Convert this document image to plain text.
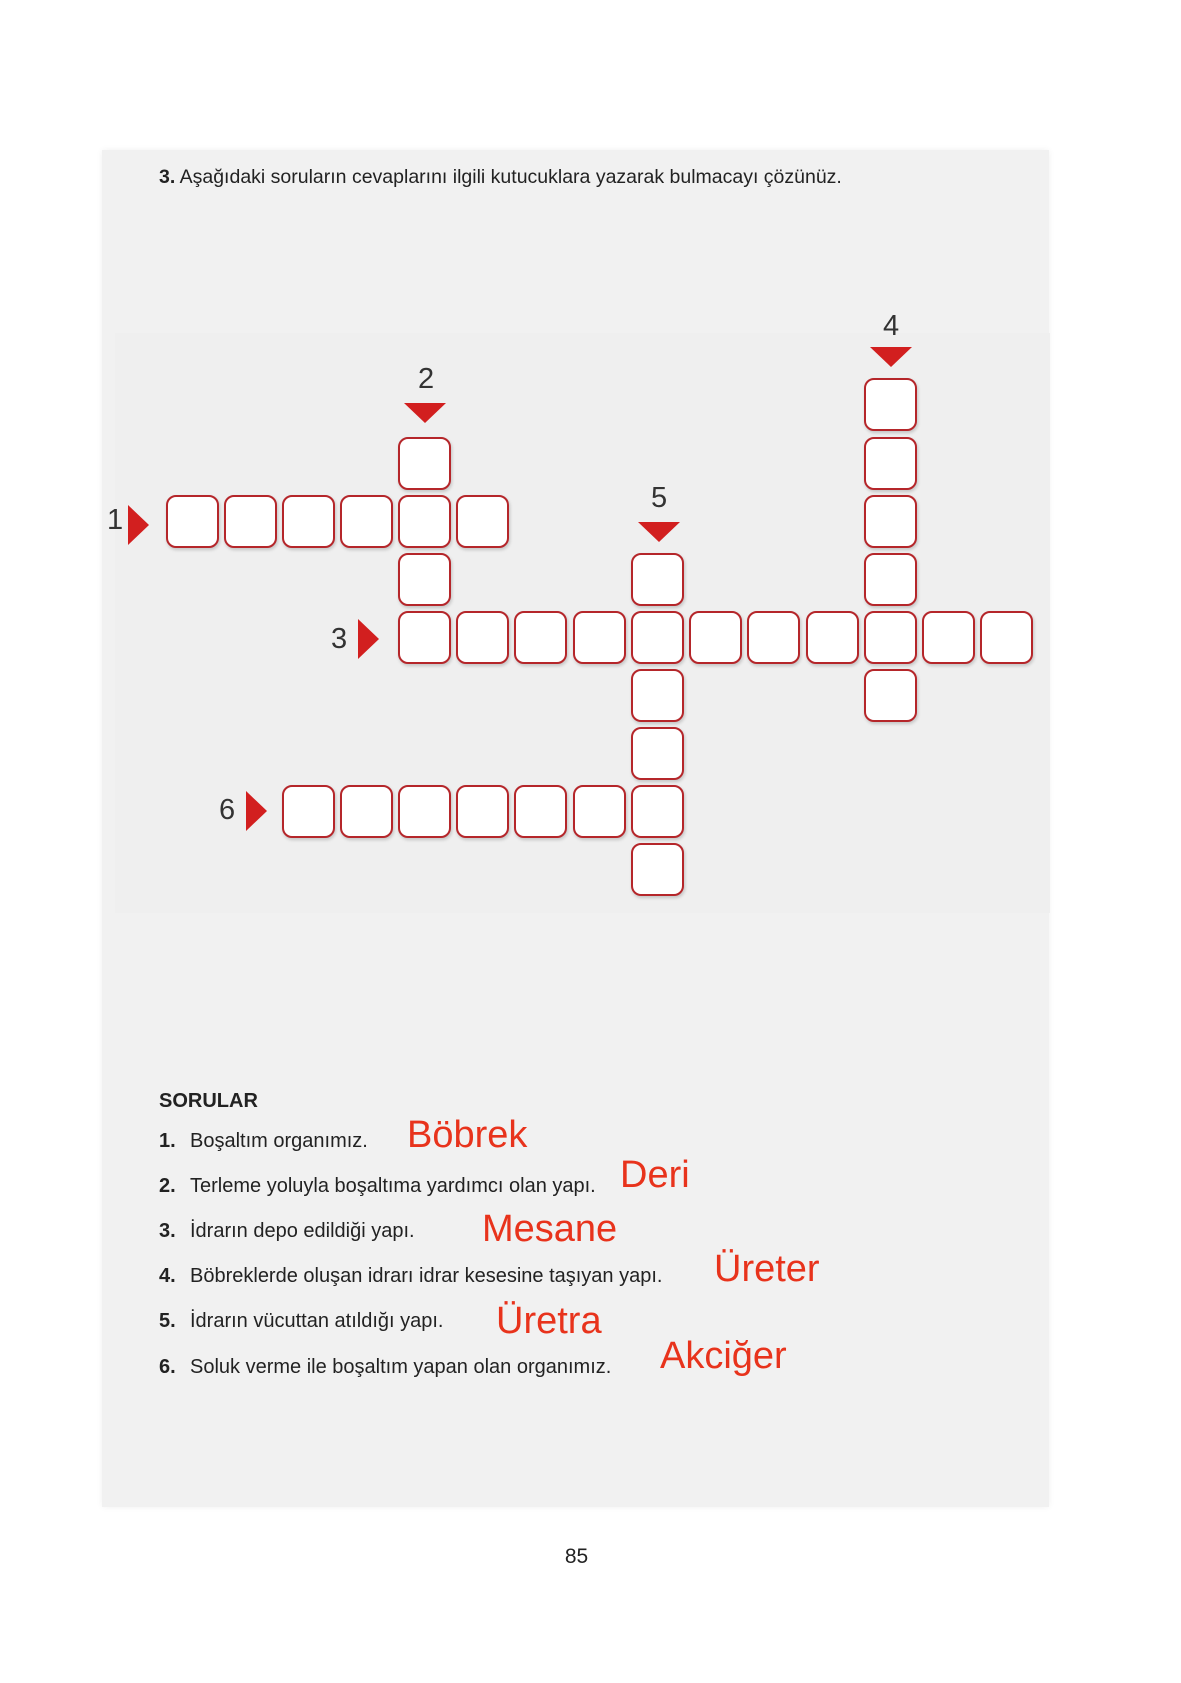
3. Aşağıdaki soruların cevaplarını ilgili kutucuklara yazarak bulmacayı çözünüz.
1
2
3
4
5
6
SORULAR
1. Boşaltım organımız. Böbrek
2. Terleme yoluyla boşaltıma yardımcı olan yapı. Deri
3. İdrarın depo edildiği yapı. Mesane
4. Böbreklerde oluşan idrarı idrar kesesine taşıyan yapı. Üreter
5. İdrarın vücuttan atıldığı yapı. Üretra
6. Soluk verme ile boşaltım yapan olan organımız. Akciğer
85
